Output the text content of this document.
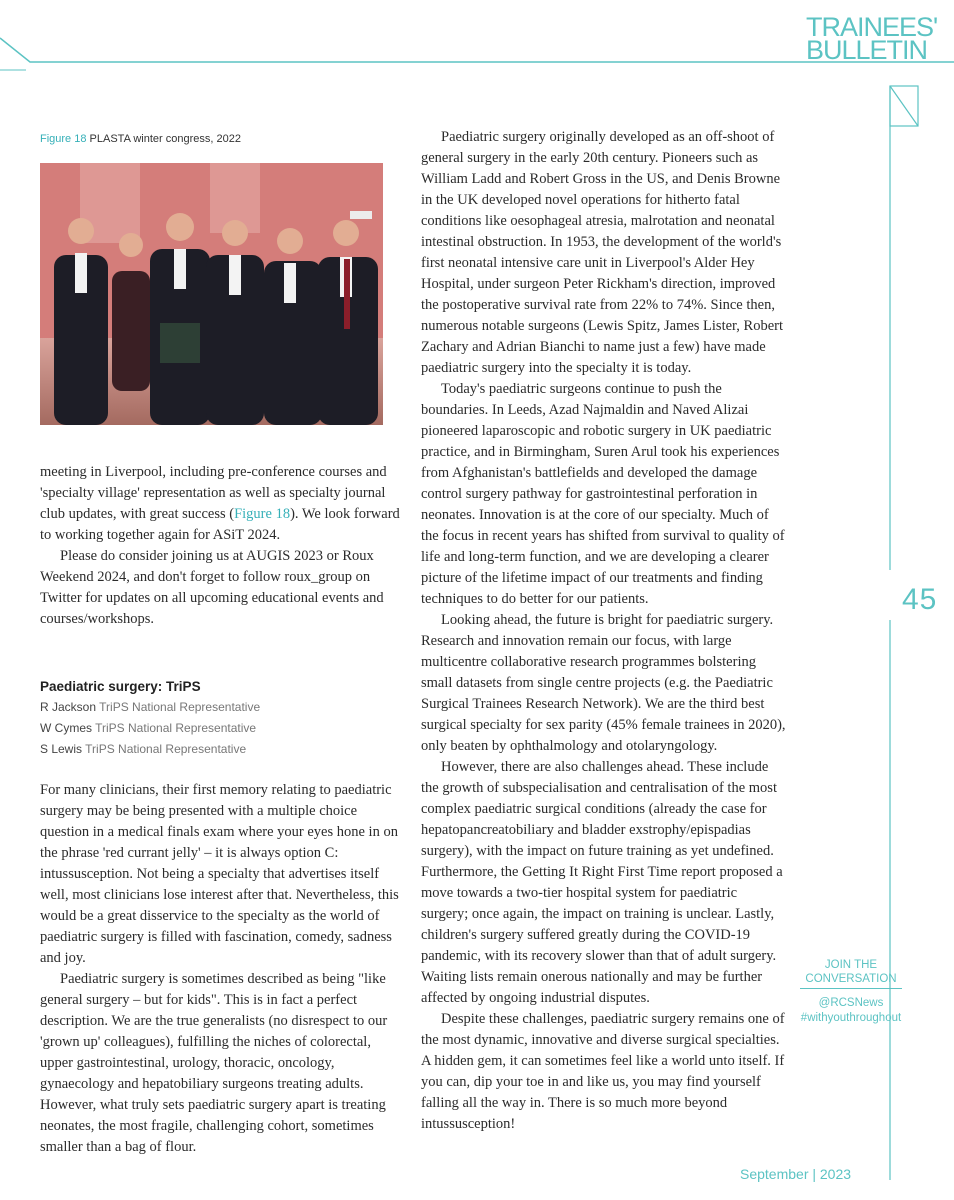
TRAINEES'
BULLETIN
45
Figure 18 PLASTA winter congress, 2022

meeting in Liverpool, including pre-conference courses and 'specialty village' representation as well as specialty journal club updates, with great success (Figure 18). We look forward to working together again for ASiT 2024.

Please do consider joining us at AUGIS 2023 or Roux Weekend 2024, and don't forget to follow roux_group on Twitter for updates on all upcoming educational events and courses/workshops.

Paediatric surgery: TriPS
R Jackson TriPS National Representative
W Cymes TriPS National Representative
S Lewis TriPS National Representative

For many clinicians, their first memory relating to paediatric surgery may be being presented with a multiple choice question in a medical finals exam where your eyes hone in on the phrase 'red currant jelly' – it is always option C: intussusception. Not being a specialty that advertises itself well, most clinicians lose interest after that. Nevertheless, this would be a great disservice to the specialty as the world of paediatric surgery is filled with fascination, comedy, sadness and joy.

Paediatric surgery is sometimes described as being "like general surgery – but for kids". This is in fact a perfect description. We are the true generalists (no disrespect to our 'grown up' colleagues), fulfilling the niches of colorectal, upper gastrointestinal, urology, thoracic, oncology, gynaecology and hepatobiliary surgeons treating adults. However, what truly sets paediatric surgery apart is treating neonates, the most fragile, challenging cohort, sometimes smaller than a bag of flour.

Paediatric surgery originally developed as an off-shoot of general surgery in the early 20th century. Pioneers such as William Ladd and Robert Gross in the US, and Denis Browne in the UK developed novel operations for hitherto fatal conditions like oesophageal atresia, malrotation and neonatal intestinal obstruction. In 1953, the development of the world's first neonatal intensive care unit in Liverpool's Alder Hey Hospital, under surgeon Peter Rickham's direction, improved the postoperative survival rate from 22% to 74%. Since then, numerous notable surgeons (Lewis Spitz, James Lister, Robert Zachary and Adrian Bianchi to name just a few) have made paediatric surgery into the specialty it is today.

Today's paediatric surgeons continue to push the boundaries. In Leeds, Azad Najmaldin and Naved Alizai pioneered laparoscopic and robotic surgery in UK paediatric practice, and in Birmingham, Suren Arul took his experiences from Afghanistan's battlefields and developed the damage control surgery pathway for gastrointestinal perforation in neonates. Innovation is at the core of our specialty. Much of the focus in recent years has shifted from survival to quality of life and long-term function, and we are developing a clearer picture of the lifetime impact of our treatments and finding techniques to do better for our patients.

Looking ahead, the future is bright for paediatric surgery. Research and innovation remain our focus, with large multicentre collaborative research programmes bolstering small datasets from single centre projects (e.g. the Paediatric Surgical Trainees Research Network). We are the third best surgical specialty for sex parity (45% female trainees in 2020), only beaten by ophthalmology and otolaryngology.

However, there are also challenges ahead. These include the growth of subspecialisation and centralisation of the most complex paediatric surgical conditions (already the case for hepatopancreatobiliary and bladder exstrophy/epispadias surgery), with the impact on future training as yet undefined. Furthermore, the Getting It Right First Time report proposed a move towards a two-tier hospital system for paediatric surgery; once again, the impact on training is unclear. Lastly, children's surgery suffered greatly during the COVID-19 pandemic, with its recovery slower than that of adult surgery. Waiting lists remain onerous nationally and may be further affected by ongoing industrial disputes.

Despite these challenges, paediatric surgery remains one of the most dynamic, innovative and diverse surgical specialties. A hidden gem, it can sometimes feel like a world unto itself. If you can, dip your toe in and like us, you may find yourself falling all the way in. There is so much more beyond intussusception!

JOIN THE
CONVERSATION
@RCSNews
#withyouthroughout
September | 2023
